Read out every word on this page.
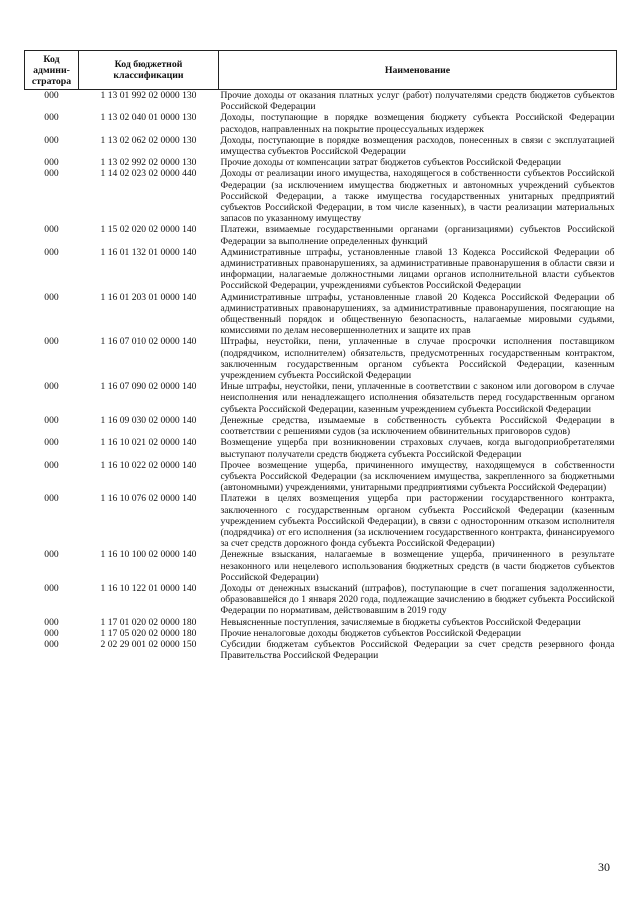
Код админи-стратора	Код бюджетной классификации	Наименование
000	1 13 01 992 02 0000 130	Прочие доходы от оказания платных услуг (работ) получателями средств бюджетов субъектов Российской Федерации
000	1 13 02 040 01 0000 130	Доходы, поступающие в порядке возмещения бюджету субъекта Российской Федерации расходов, направленных на покрытие процессуальных издержек
000	1 13 02 062 02 0000 130	Доходы, поступающие в порядке возмещения расходов, понесенных в связи с эксплуатацией имущества субъектов Российской Федерации
000	1 13 02 992 02 0000 130	Прочие доходы от компенсации затрат бюджетов субъектов Российской Федерации
000	1 14 02 023 02 0000 440	Доходы от реализации иного имущества, находящегося в собственности субъектов Российской Федерации (за исключением имущества бюджетных и автономных учреждений субъектов Российской Федерации, а также имущества государственных унитарных предприятий субъектов Российской Федерации, в том числе казенных), в части реализации материальных запасов по указанному имуществу
000	1 15 02 020 02 0000 140	Платежи, взимаемые государственными органами (организациями) субъектов Российской Федерации за выполнение определенных функций
000	1 16 01 132 01 0000 140	Административные штрафы, установленные главой 13 Кодекса Российской Федерации об административных правонарушениях, за административные правонарушения в области связи и информации, налагаемые должностными лицами органов исполнительной власти субъектов Российской Федерации, учреждениями субъектов Российской Федерации
000	1 16 01 203 01 0000 140	Административные штрафы, установленные главой 20 Кодекса Российской Федерации об административных правонарушениях, за административные правонарушения, посягающие на общественный порядок и общественную безопасность, налагаемые мировыми судьями, комиссиями по делам несовершеннолетних и защите их прав
000	1 16 07 010 02 0000 140	Штрафы, неустойки, пени, уплаченные в случае просрочки исполнения поставщиком (подрядчиком, исполнителем) обязательств, предусмотренных государственным контрактом, заключенным государственным органом субъекта Российской Федерации, казенным учреждением субъекта Российской Федерации
000	1 16 07 090 02 0000 140	Иные штрафы, неустойки, пени, уплаченные в соответствии с законом или договором в случае неисполнения или ненадлежащего исполнения обязательств перед государственным органом субъекта Российской Федерации, казенным учреждением субъекта Российской Федерации
000	1 16 09 030 02 0000 140	Денежные средства, изымаемые в собственность субъекта Российской Федерации в соответствии с решениями судов (за исключением обвинительных приговоров судов)
000	1 16 10 021 02 0000 140	Возмещение ущерба при возникновении страховых случаев, когда выгодоприобретателями выступают получатели средств бюджета субъекта Российской Федерации
000	1 16 10 022 02 0000 140	Прочее возмещение ущерба, причиненного имуществу, находящемуся в собственности субъекта Российской Федерации (за исключением имущества, закрепленного за бюджетными (автономными) учреждениями, унитарными предприятиями субъекта Российской Федерации)
000	1 16 10 076 02 0000 140	Платежи в целях возмещения ущерба при расторжении государственного контракта, заключенного с государственным органом субъекта Российской Федерации (казенным учреждением субъекта Российской Федерации), в связи с односторонним отказом исполнителя (подрядчика) от его исполнения (за исключением государственного контракта, финансируемого за счет средств дорожного фонда субъекта Российской Федерации)
000	1 16 10 100 02 0000 140	Денежные взыскания, налагаемые в возмещение ущерба, причиненного в результате незаконного или нецелевого использования бюджетных средств (в части бюджетов субъектов Российской Федерации)
000	1 16 10 122 01 0000 140	Доходы от денежных взысканий (штрафов), поступающие в счет погашения задолженности, образовавшейся до 1 января 2020 года, подлежащие зачислению в бюджет субъекта Российской Федерации по нормативам, действовавшим в 2019 году
000	1 17 01 020 02 0000 180	Невыясненные поступления, зачисляемые в бюджеты субъектов Российской Федерации
000	1 17 05 020 02 0000 180	Прочие неналоговые доходы бюджетов субъектов Российской Федерации
000	2 02 29 001 02 0000 150	Субсидии бюджетам субъектов Российской Федерации за счет средств резервного фонда Правительства Российской Федерации
30
